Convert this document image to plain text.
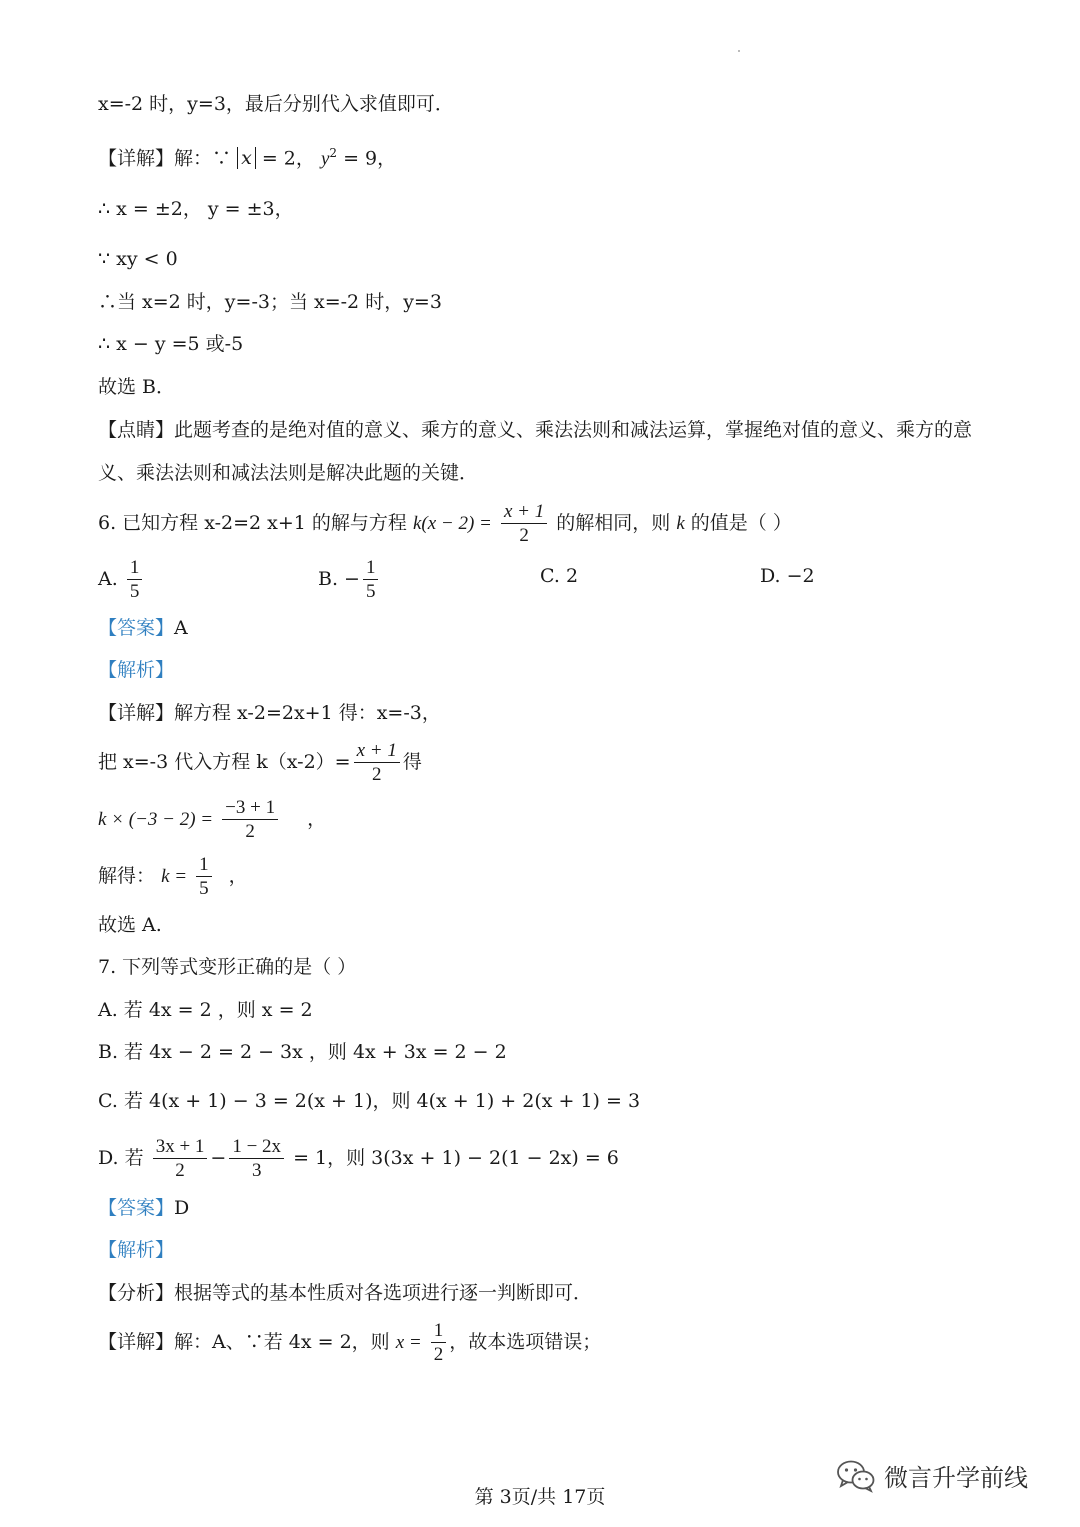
x=-2 时，y=3，最后分别代入求值即可．
【详解】解：∵ x = 2， $y^2 = 9$，
∴ x = ±2， y = ±3，
∵ xy < 0
∴当 x=2 时，y=-3；当 x=-2 时，y=3
∴ x − y =5 或-5
故选 B．
【点睛】此题考查的是绝对值的意义、乘方的意义、乘法法则和减法运算，掌握绝对值的意义、乘方的意
义、乘法法则和减法法则是解决此题的关键．
6. 已知方程 x-2=2 x+1 的解与方程 $k(x - 2) = \frac{x + 1}{2}$ 的解相同，则 k 的值是（ ）
A. $\frac{1}{5}$	B. − $\frac{1}{5}$	C. 2	D. −2
【答案】A
【解析】
【详解】解方程 x-2=2x+1 得：x=-3，
把 x=-3 代入方程 $k(x-2)= \frac{x + 1}{2}$ 得
$k \times (-3 - 2) = \frac{-3 + 1}{2}$ ，
解得： $k = \frac{1}{5}$ ，
故选 A.
7. 下列等式变形正确的是（ ）
A. 若 4x = 2 ，则 x = 2
B. 若 4x − 2 = 2 − 3x ，则 4x + 3x = 2 − 2
C. 若 4(x + 1) − 3 = 2(x + 1)，则 4(x + 1) + 2(x + 1) = 3
D. 若 $\frac{3x + 1}{2} - \frac{1 - 2x}{3} = 1$，则 3(3x + 1) − 2(1 − 2x) = 6
【答案】D
【解析】
【分析】根据等式的基本性质对各选项进行逐一判断即可．
【详解】解：A、∵若 4x = 2，则 $x = \frac{1}{2}$ ，故本选项错误；
第 3页/共 17页
微言升学前线
